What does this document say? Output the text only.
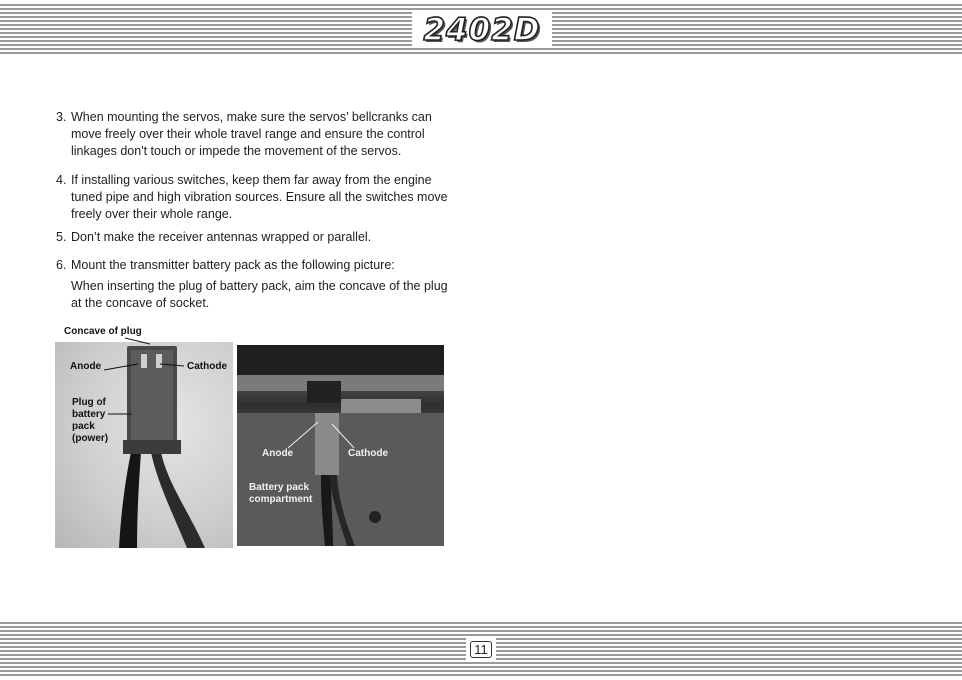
2402D
3. When mounting the servos, make sure the servos’ bellcranks can
move freely over their whole travel range and ensure the control
linkages don't touch or impede the movement of the servos.
4. If installing various switches, keep them far away from the engine
tuned pipe and high vibration sources. Ensure all the switches move
freely over their whole range.
5. Don’t make the receiver antennas wrapped or parallel.
6. Mount the transmitter battery pack as the following picture:
When inserting the plug of battery pack, aim the concave of the plug
at the concave of socket.
Concave of plug
Anode	Cathode
Plug of
battery
pack
(power)
Anode	Cathode
Battery pack
compartment
11
